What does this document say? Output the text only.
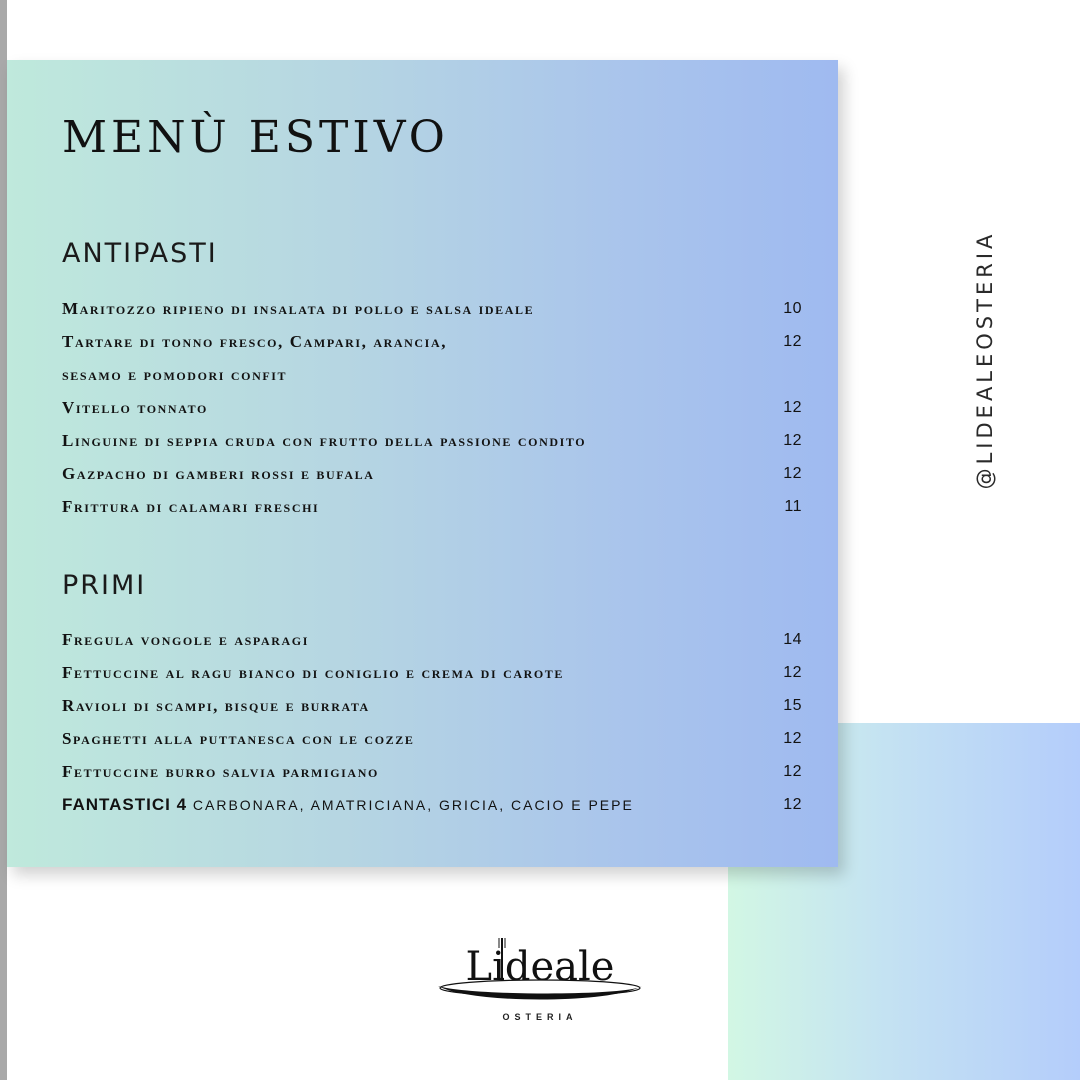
MENÙ ESTIVO
ANTIPASTI
Maritozzo ripieno di insalata di pollo e salsa ideale	10
Tartare di tonno fresco, Campari, arancia,	12
sesamo e pomodori confit
Vitello tonnato	12
Linguine di seppia cruda con frutto della passione condito	12
Gazpacho di gamberi rossi e bufala	12
Frittura di calamari freschi	11
PRIMI
Fregula vongole e asparagi	14
Fettuccine al ragu bianco di coniglio e crema di carote	12
Ravioli di scampi, bisque e burrata	15
Spaghetti alla puttanesca con le cozze	12
Fettuccine burro salvia parmigiano	12
FANTASTICI 4 CARBONARA, AMATRICIANA, GRICIA, CACIO E PEPE	12
@LIDEALEOSTERIA
Lideale
OSTERIA
